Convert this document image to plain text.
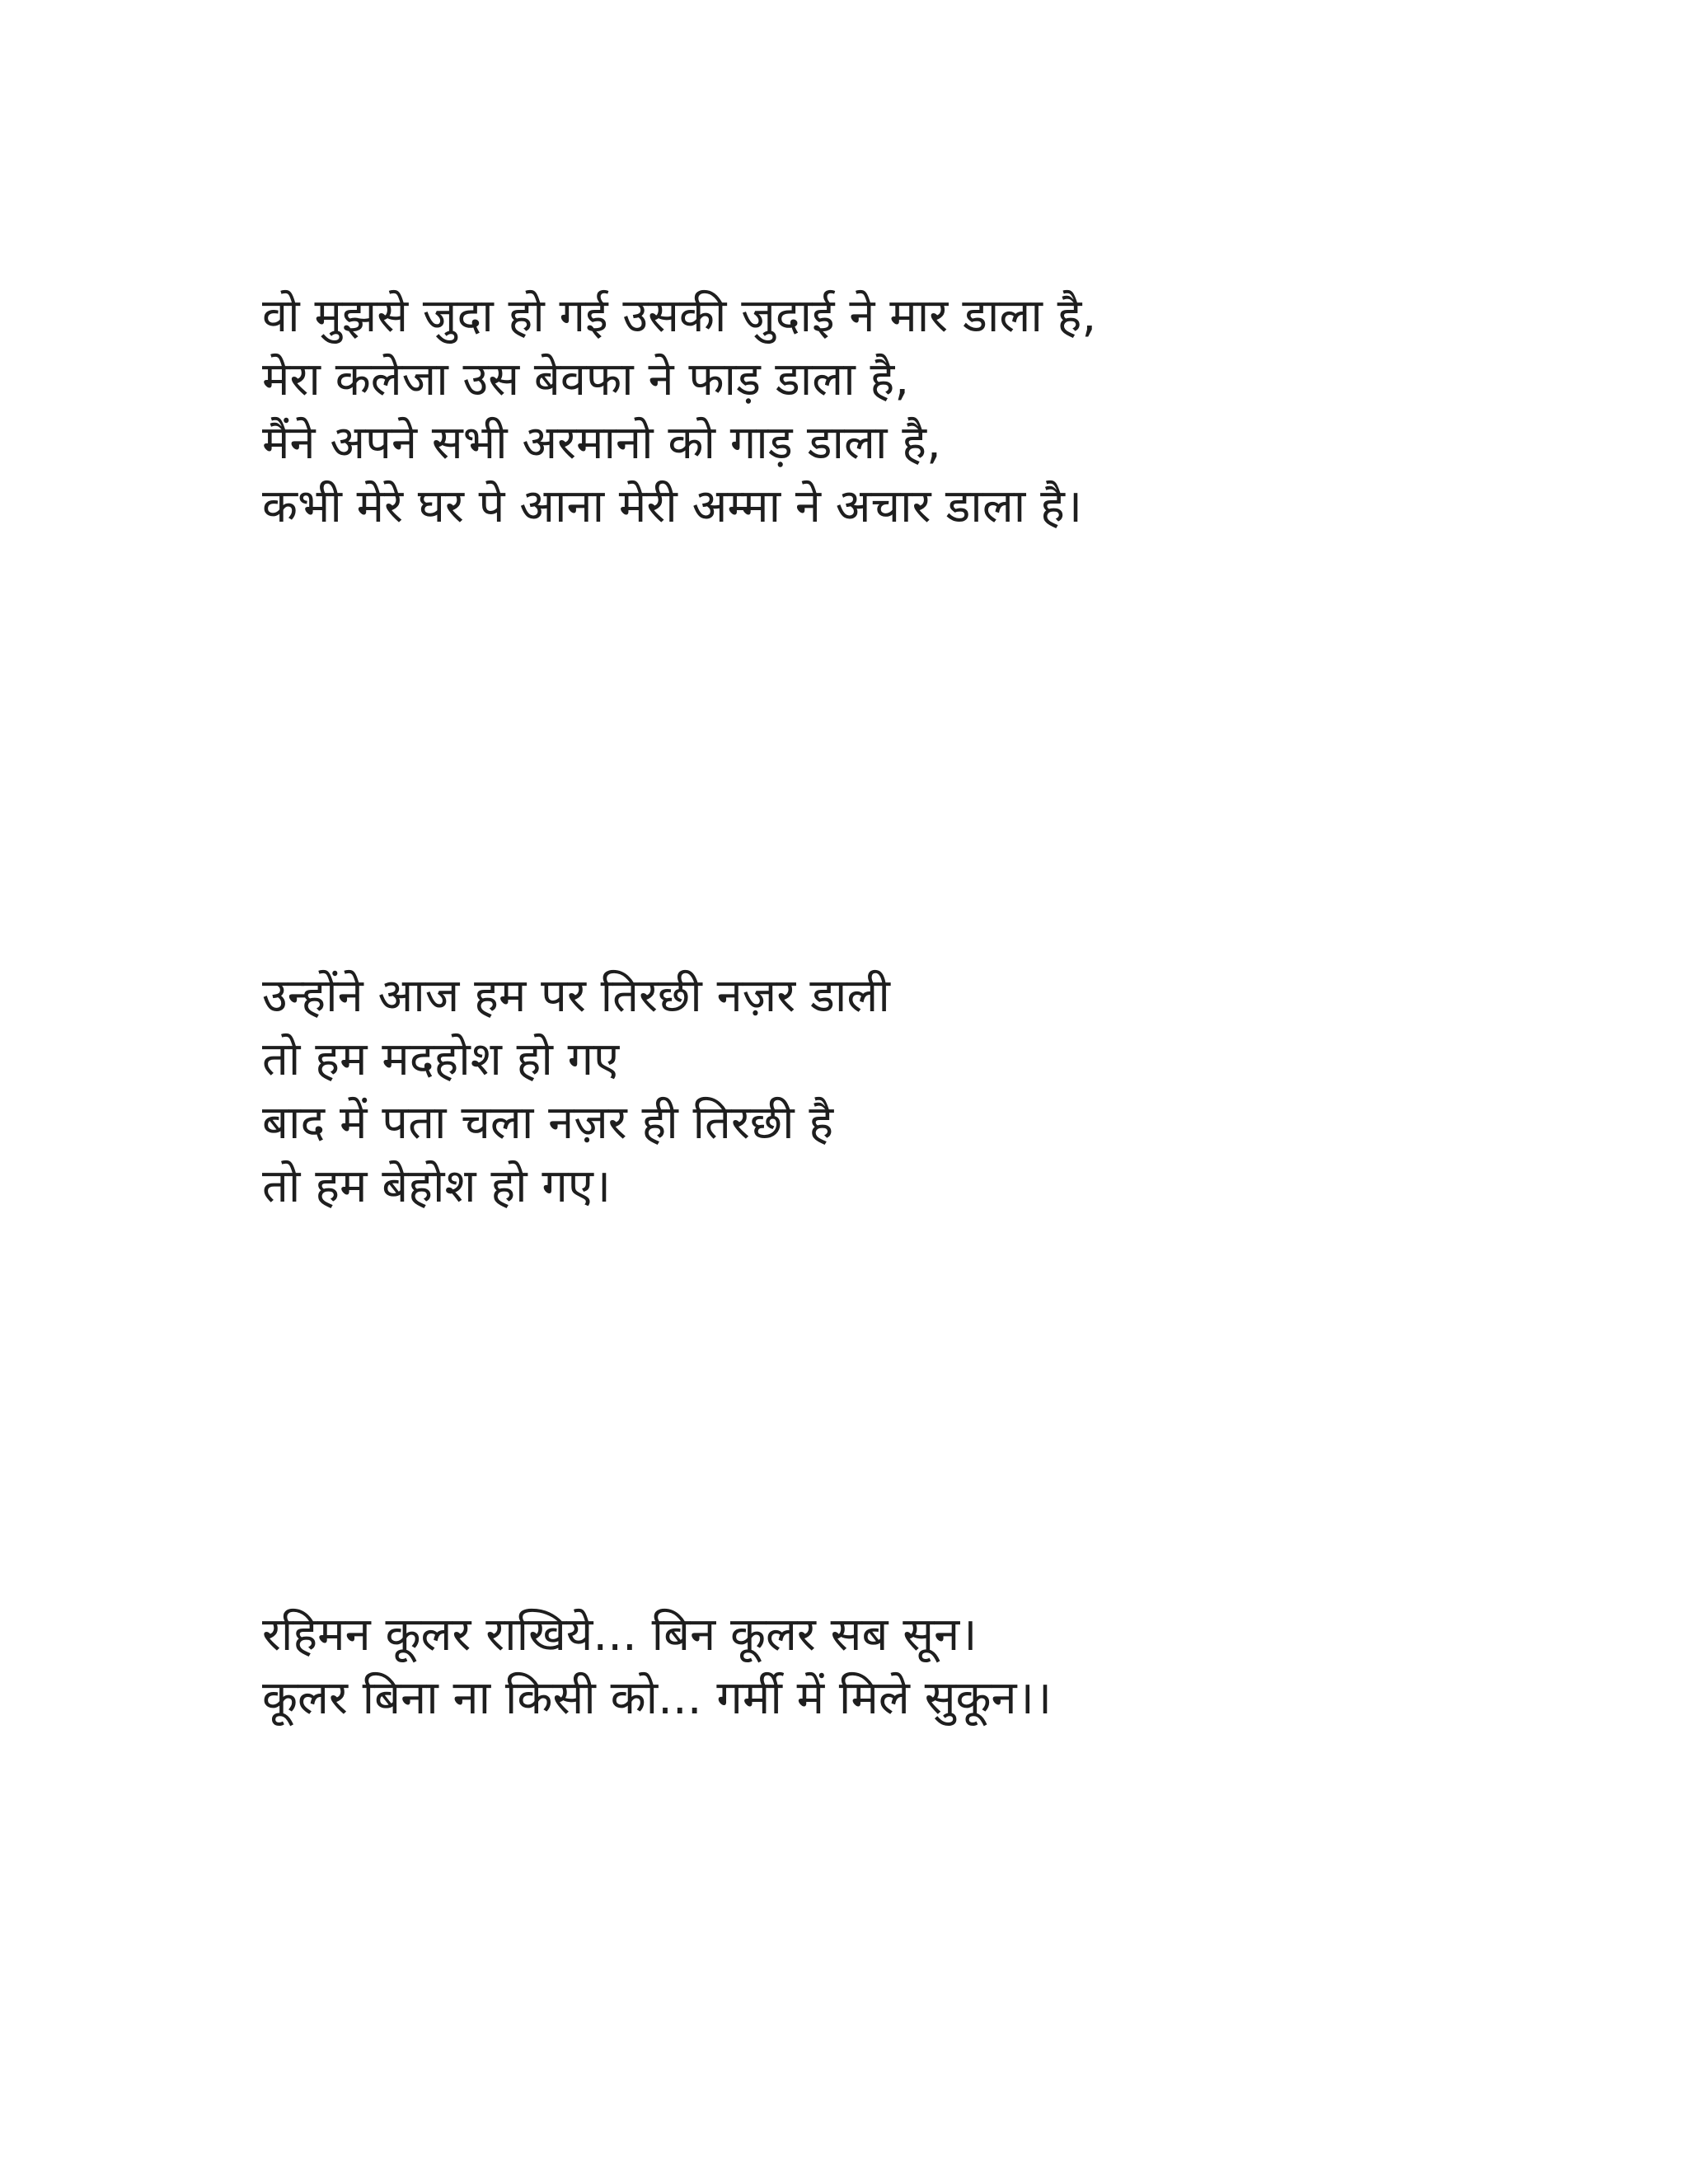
वो मुझसे जुदा हो गई उसकी जुदाई ने मार डाला है,
मेरा कलेजा उस बेवफा ने फाड़ डाला है,
मैंने अपने सभी अरमानो को गाड़ डाला है,
कभी मेरे घर पे आना मेरी अम्मा ने अचार डाला है।
उन्होंने आज हम पर तिरछी नज़र डाली
तो हम मदहोश हो गए
बाद में पता चला नज़र ही तिरछी है
तो हम बेहोश हो गए।
रहिमन कूलर राखिये... बिन कूलर सब सून।
कूलर बिना ना किसी को... गर्मी में मिले सुकून।।
